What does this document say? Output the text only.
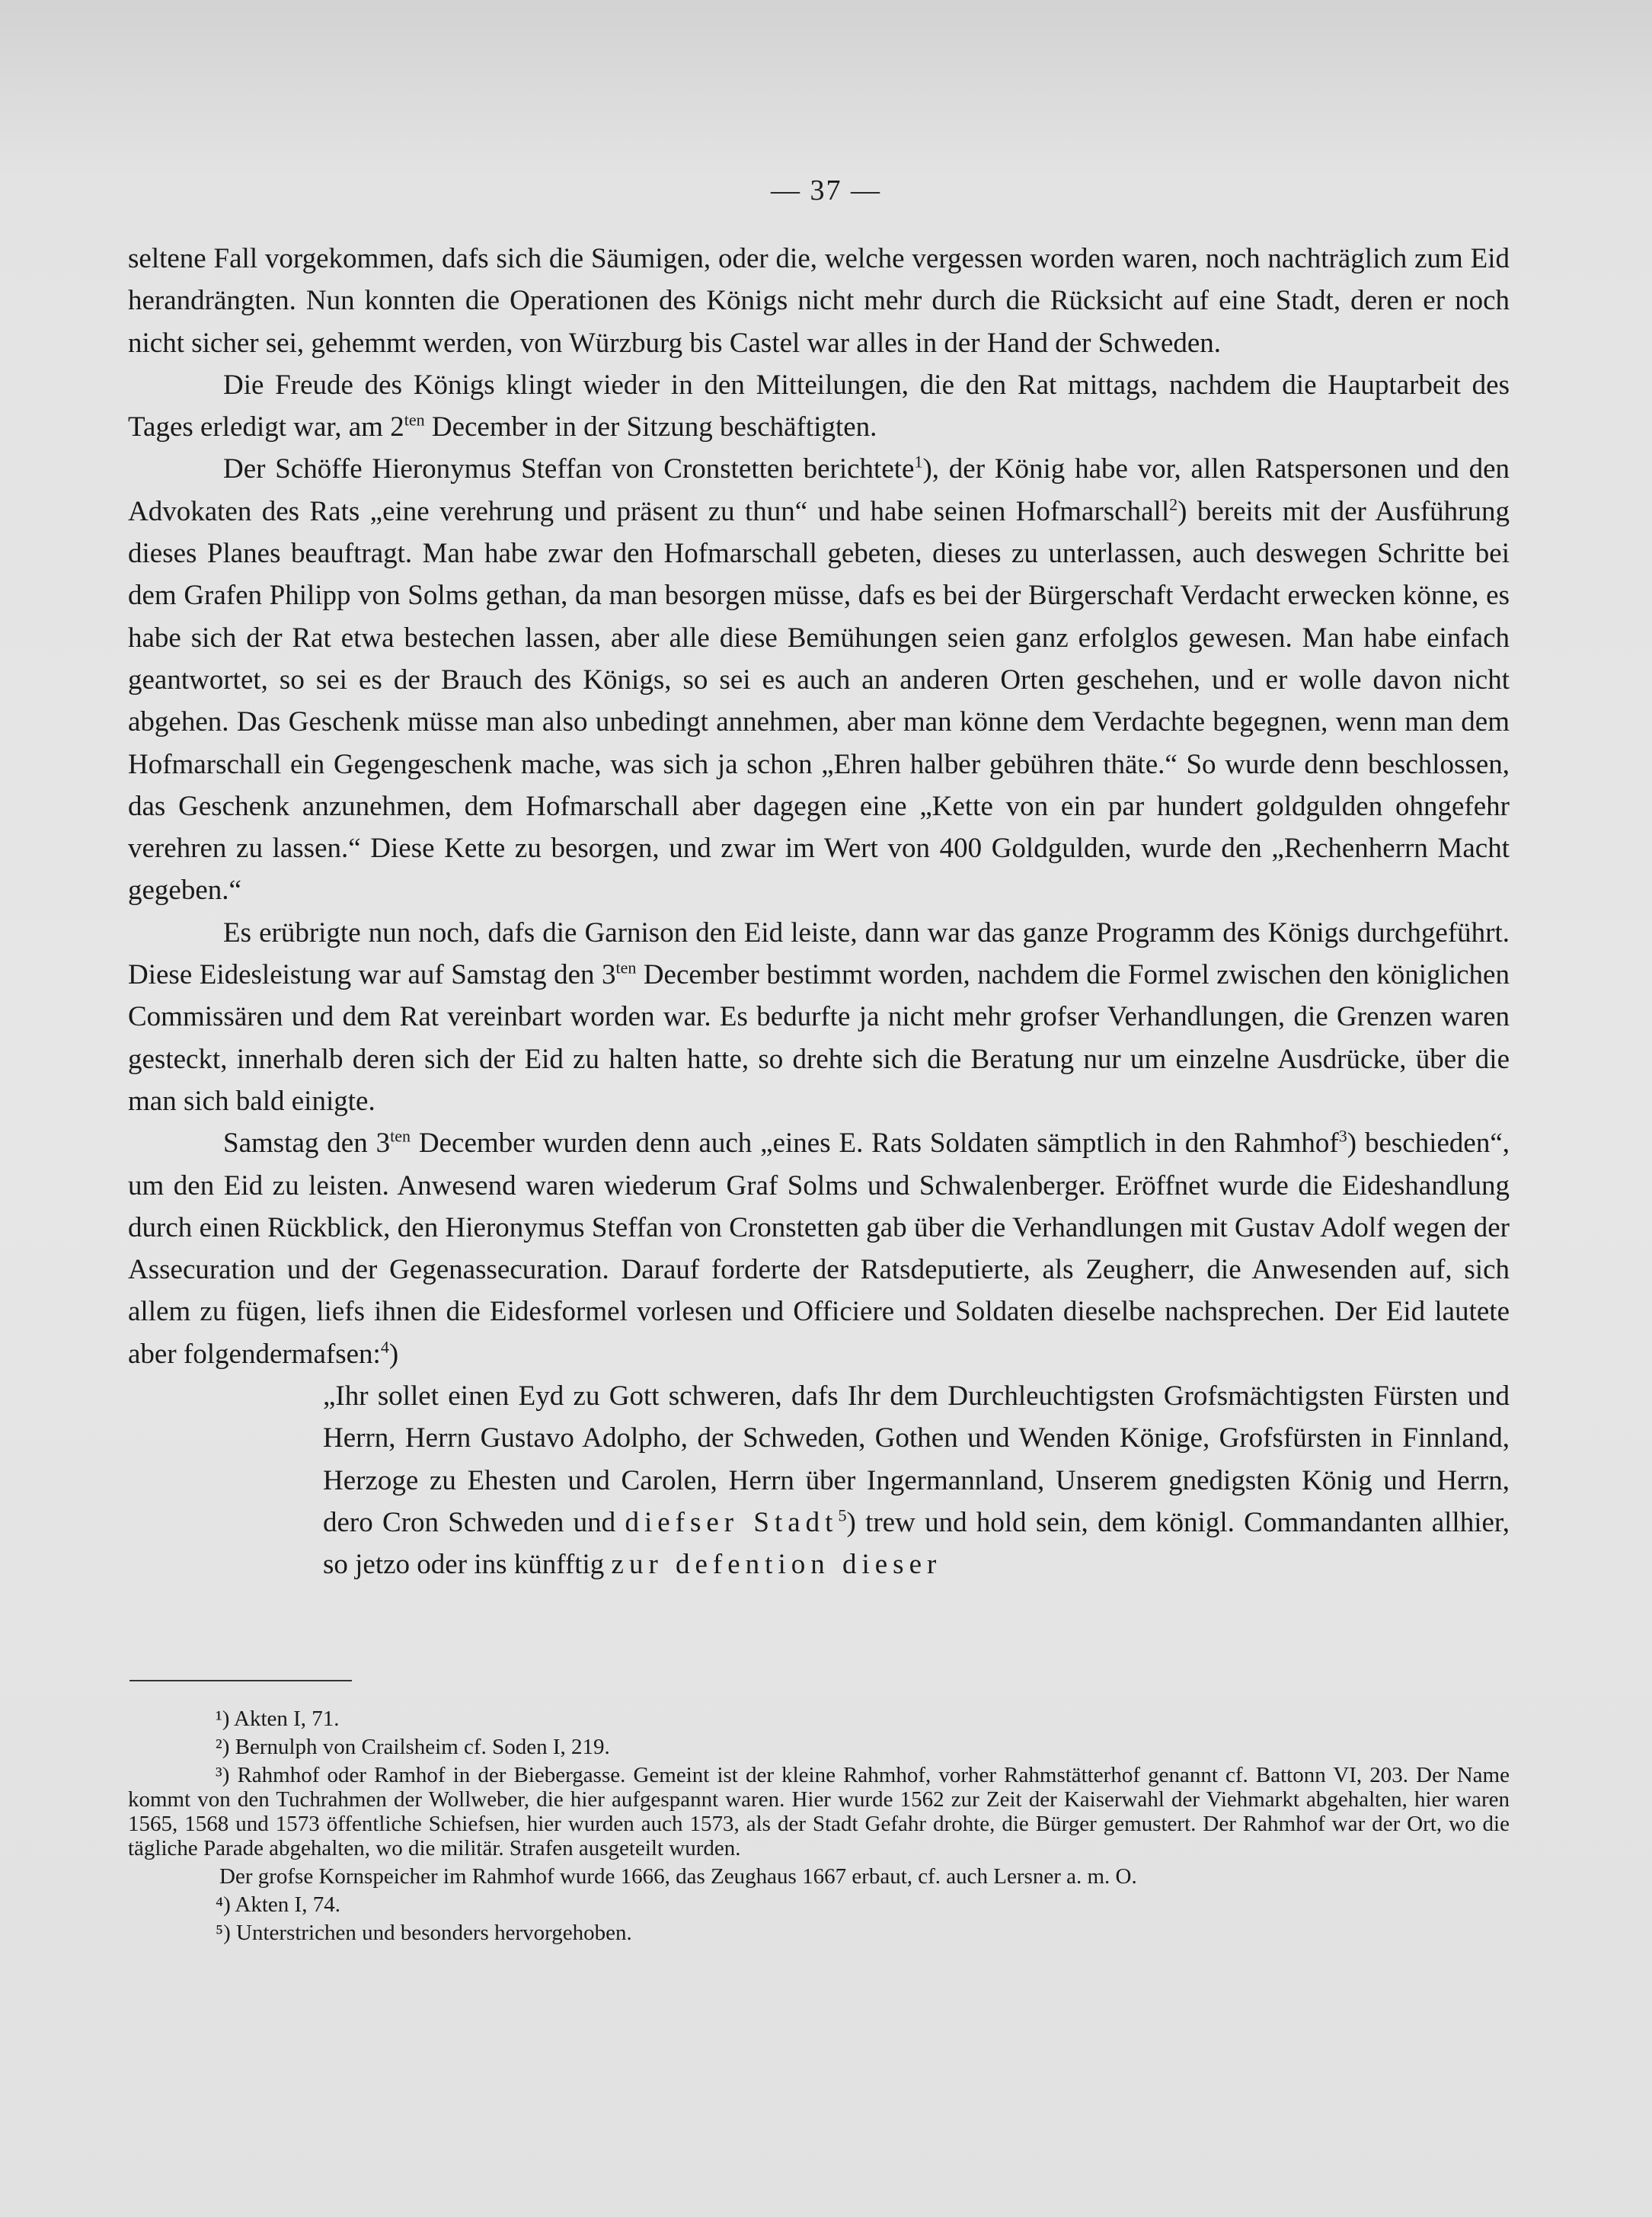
— 37 —

seltene Fall vorgekommen, dafs sich die Säumigen, oder die, welche vergessen worden waren, noch nachträglich zum Eid herandrängten. Nun konnten die Operationen des Königs nicht mehr durch die Rücksicht auf eine Stadt, deren er noch nicht sicher sei, gehemmt werden, von Würzburg bis Castel war alles in der Hand der Schweden.

Die Freude des Königs klingt wieder in den Mitteilungen, die den Rat mittags, nachdem die Hauptarbeit des Tages erledigt war, am $2^{ten}$ December in der Sitzung beschäftigten.

Der Schöffe Hieronymus Steffan von Cronstetten berichtete$^1$), der König habe vor, allen Ratspersonen und den Advokaten des Rats „eine verehrung und präsent zu thun“ und habe seinen Hofmarschall$^2$) bereits mit der Ausführung dieses Planes beauftragt. Man habe zwar den Hofmarschall gebeten, dieses zu unterlassen, auch deswegen Schritte bei dem Grafen Philipp von Solms gethan, da man besorgen müsse, dafs es bei der Bürgerschaft Verdacht erwecken könne, es habe sich der Rat etwa bestechen lassen, aber alle diese Bemühungen seien ganz erfolglos gewesen. Man habe einfach geantwortet, so sei es der Brauch des Königs, so sei es auch an anderen Orten geschehen, und er wolle davon nicht abgehen. Das Geschenk müsse man also unbedingt annehmen, aber man könne dem Verdachte begegnen, wenn man dem Hofmarschall ein Gegengeschenk mache, was sich ja schon „Ehren halber gebühren thäte.“ So wurde denn beschlossen, das Geschenk anzunehmen, dem Hofmarschall aber dagegen eine „Kette von ein par hundert goldgulden ohngefehr verehren zu lassen.“ Diese Kette zu besorgen, und zwar im Wert von 400 Goldgulden, wurde den „Rechenherrn Macht gegeben.“

Es erübrigte nun noch, dafs die Garnison den Eid leiste, dann war das ganze Programm des Königs durchgeführt. Diese Eidesleistung war auf Samstag den $3^{ten}$ December bestimmt worden, nachdem die Formel zwischen den königlichen Commissären und dem Rat vereinbart worden war. Es bedurfte ja nicht mehr grofser Verhandlungen, die Grenzen waren gesteckt, innerhalb deren sich der Eid zu halten hatte, so drehte sich die Beratung nur um einzelne Ausdrücke, über die man sich bald einigte.

Samstag den $3^{ten}$ December wurden denn auch „eines E. Rats Soldaten sämptlich in den Rahmhof$^3$) beschieden“, um den Eid zu leisten. Anwesend waren wiederum Graf Solms und Schwalenberger. Eröffnet wurde die Eideshandlung durch einen Rückblick, den Hieronymus Steffan von Cronstetten gab über die Verhandlungen mit Gustav Adolf wegen der Assecuration und der Gegenassecuration. Darauf forderte der Ratsdeputierte, als Zeugherr, die Anwesenden auf, sich allem zu fügen, liefs ihnen die Eidesformel vorlesen und Officiere und Soldaten dieselbe nachsprechen. Der Eid lautete aber folgendermafsen:$^4$)

„Ihr sollet einen Eyd zu Gott schweren, dafs Ihr dem Durchleuchtigsten Grofsmächtigsten Fürsten und Herrn, Herrn Gustavo Adolpho, der Schweden, Gothen und Wenden Könige, Grofsfürsten in Finnland, Herzoge zu Ehesten und Carolen, Herrn über Ingermannland, Unserem gnedigsten König und Herrn, dero Cron Schweden und diefser Stadt$^5$) trew und hold sein, dem königl. Commandanten allhier, so jetzo oder ins künfftig zur defention dieser

¹) Akten I, 71.

²) Bernulph von Crailsheim cf. Soden I, 219.

³) Rahmhof oder Ramhof in der Biebergasse. Gemeint ist der kleine Rahmhof, vorher Rahmstätterhof genannt cf. Battonn VI, 203. Der Name kommt von den Tuchrahmen der Wollweber, die hier aufgespannt waren. Hier wurde 1562 zur Zeit der Kaiserwahl der Viehmarkt abgehalten, hier waren 1565, 1568 und 1573 öffentliche Schiefsen, hier wurden auch 1573, als der Stadt Gefahr drohte, die Bürger gemustert. Der Rahmhof war der Ort, wo die tägliche Parade abgehalten, wo die militär. Strafen ausgeteilt wurden.

Der grofse Kornspeicher im Rahmhof wurde 1666, das Zeughaus 1667 erbaut, cf. auch Lersner a. m. O.

⁴) Akten I, 74.

⁵) Unterstrichen und besonders hervorgehoben.
